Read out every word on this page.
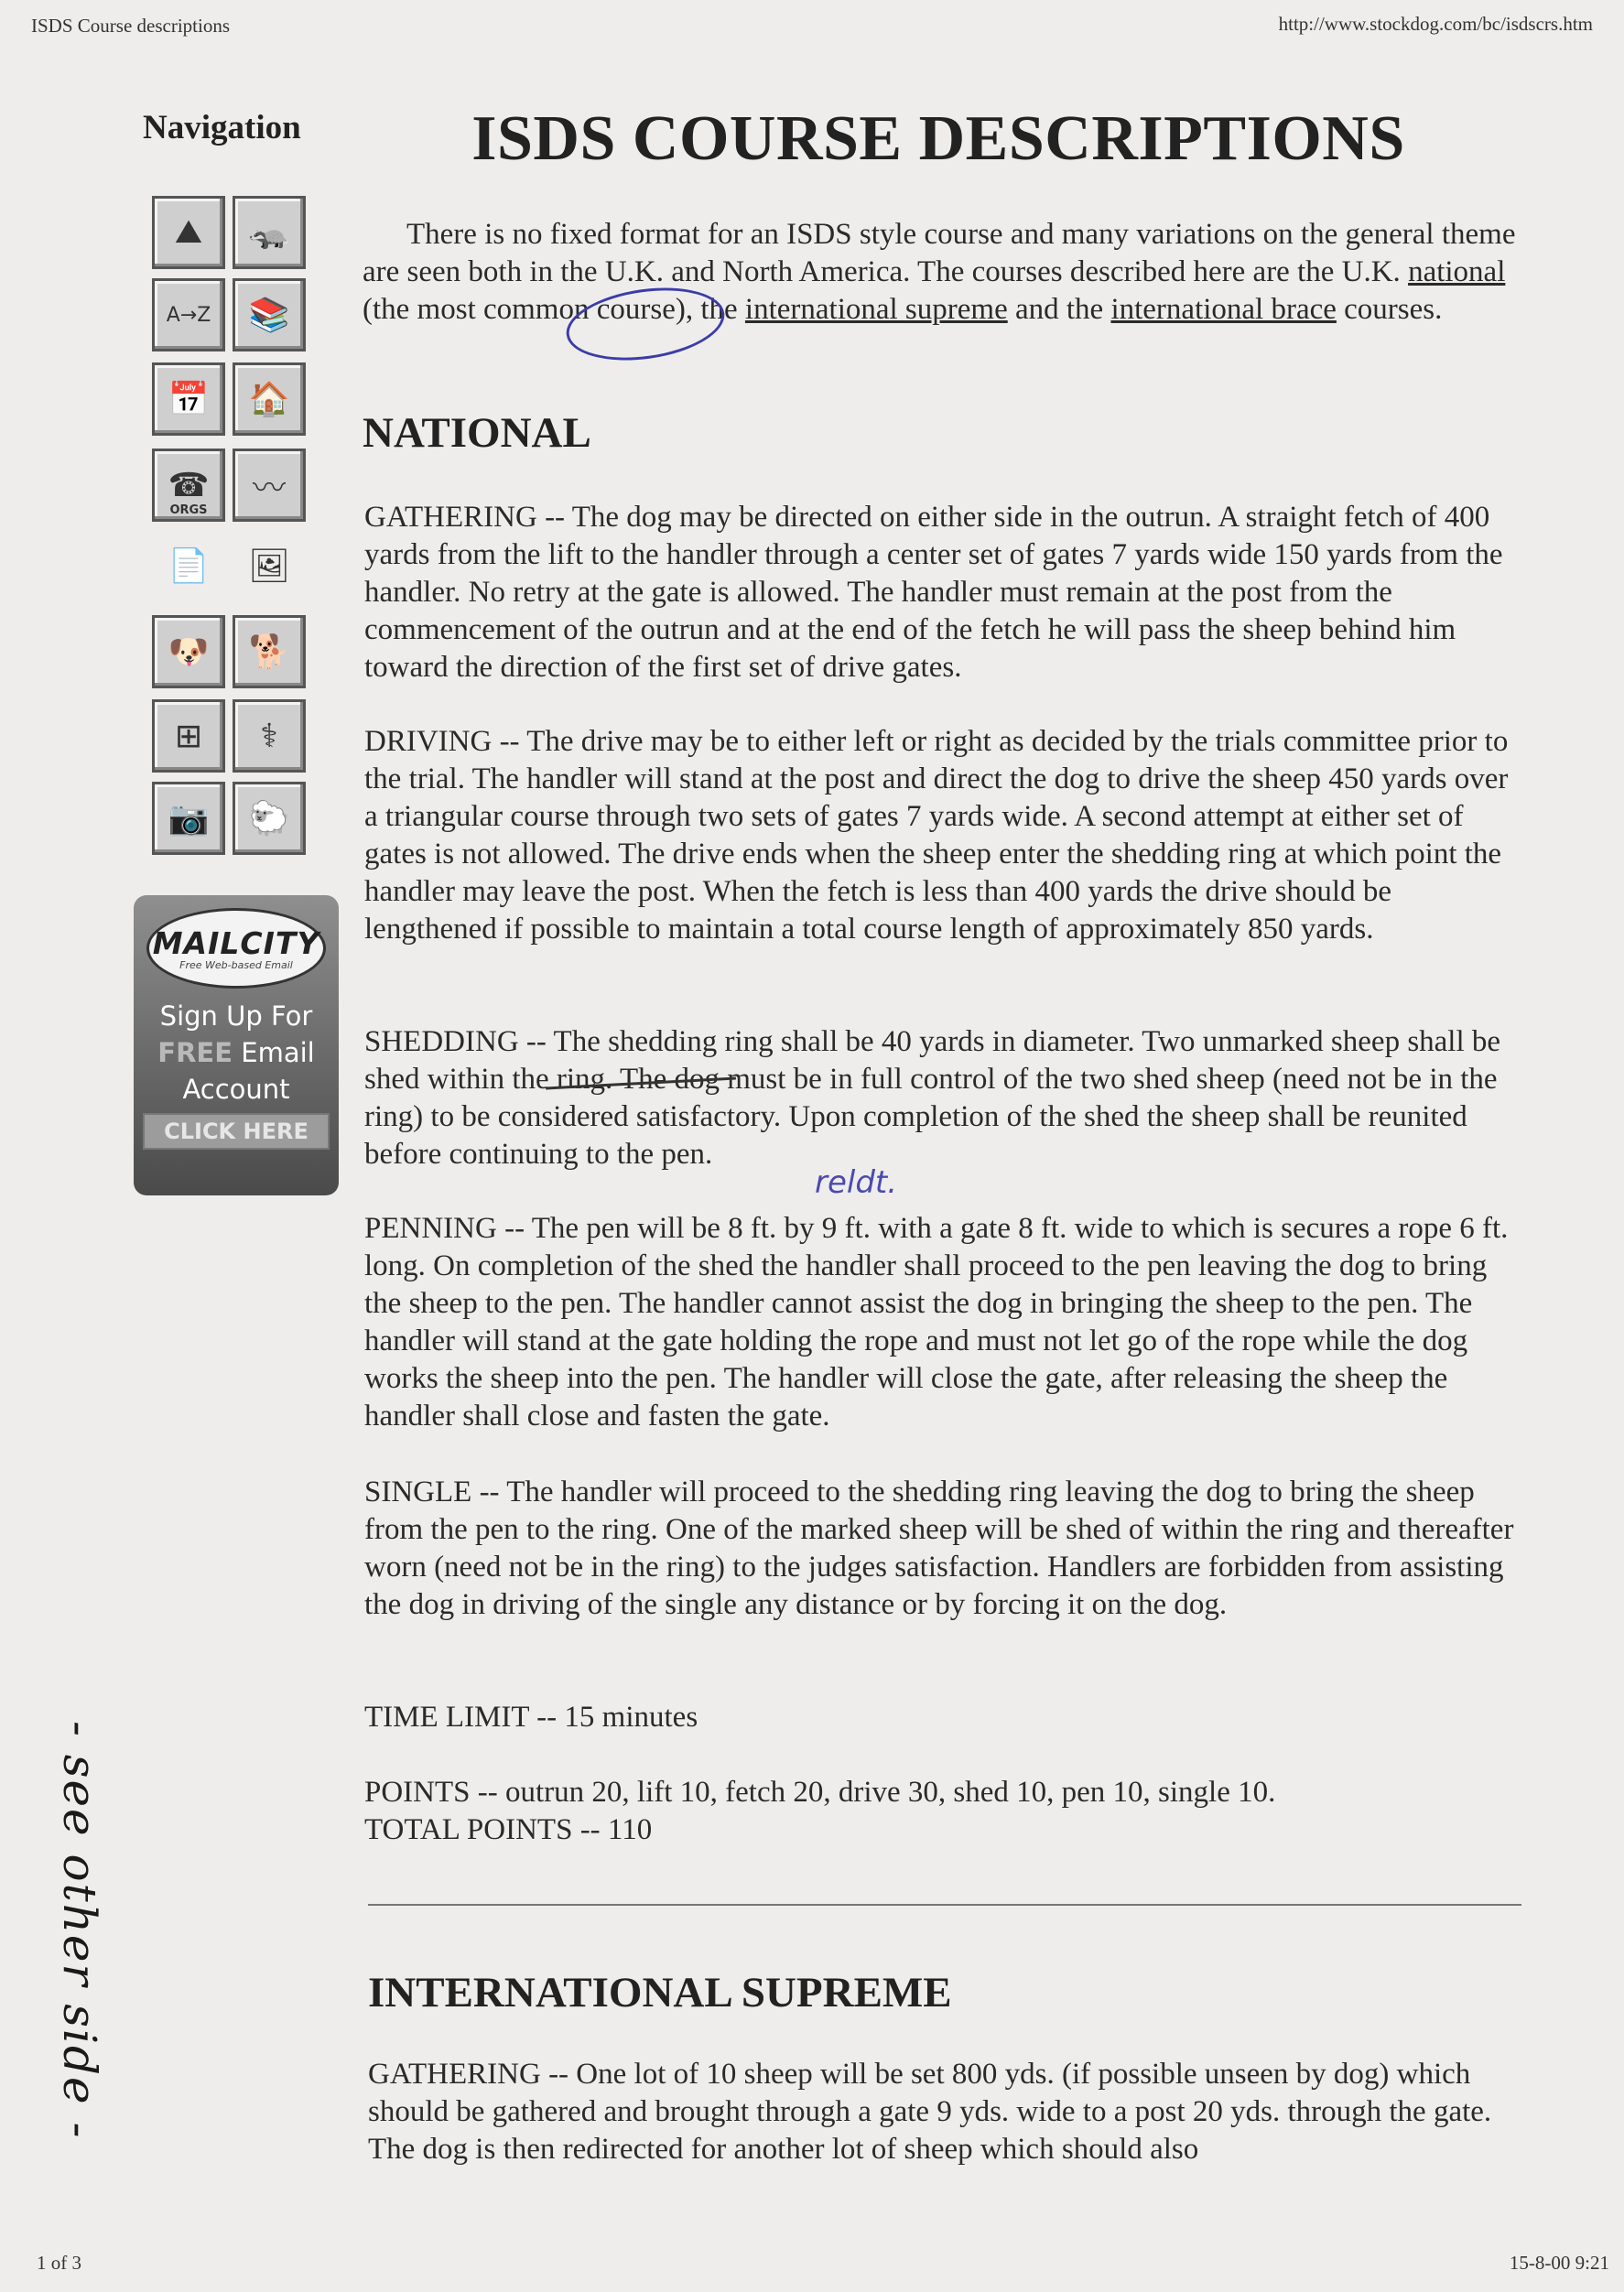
ISDS Course descriptions	http://www.stockdog.com/bc/isdscrs.htm
1 of 3	15-8-00 9:21
Navigation
⛰	🦡
A→Z	📚
📅	🏠
☎
ORGS
〰
📄	🖼
🐶	🐕
⊞	⚕
📷	🐑
MAILCITY
Free Web-based Email
Sign Up For
FREE Email
Account
CLICK HERE
ISDS COURSE DESCRIPTIONS
There is no fixed format for an ISDS style course and many variations on the general theme are seen both in the U.K. and North America. The courses described here are the U.K. national (the most common course), the international supreme and the international brace courses.
NATIONAL
GATHERING -- The dog may be directed on either side in the outrun. A straight fetch of 400 yards from the lift to the handler through a center set of gates 7 yards wide 150 yards from the handler. No retry at the gate is allowed. The handler must remain at the post from the commencement of the outrun and at the end of the fetch he will pass the sheep behind him toward the direction of the first set of drive gates.
DRIVING -- The drive may be to either left or right as decided by the trials committee prior to the trial. The handler will stand at the post and direct the dog to drive the sheep 450 yards over a triangular course through two sets of gates 7 yards wide. A second attempt at either set of gates is not allowed. The drive ends when the sheep enter the shedding ring at which point the handler may leave the post. When the fetch is less than 400 yards the drive should be lengthened if possible to maintain a total course length of approximately 850 yards.
SHEDDING -- The shedding ring shall be 40 yards in diameter. Two unmarked sheep shall be shed within the ring. The dog must be in full control of the two shed sheep (need not be in the ring) to be considered satisfactory. Upon completion of the shed the sheep shall be reunited before continuing to the pen.
PENNING -- The pen will be 8 ft. by 9 ft. with a gate 8 ft. wide to which is secures a rope 6 ft. long. On completion of the shed the handler shall proceed to the pen leaving the dog to bring the sheep to the pen. The handler cannot assist the dog in bringing the sheep to the pen. The handler will stand at the gate holding the rope and must not let go of the rope while the dog works the sheep into the pen. The handler will close the gate, after releasing the sheep the handler shall close and fasten the gate.
SINGLE -- The handler will proceed to the shedding ring leaving the dog to bring the sheep from the pen to the ring. One of the marked sheep will be shed of within the ring and thereafter worn (need not be in the ring) to the judges satisfaction. Handlers are forbidden from assisting the dog in driving of the single any distance or by forcing it on the dog.
TIME LIMIT -- 15 minutes
POINTS -- outrun 20, lift 10, fetch 20, drive 30, shed 10, pen 10, single 10.
TOTAL POINTS -- 110
INTERNATIONAL SUPREME
GATHERING -- One lot of 10 sheep will be set 800 yds. (if possible unseen by dog) which should be gathered and brought through a gate 9 yds. wide to a post 20 yds. through the gate. The dog is then redirected for another lot of sheep which should also
reldt.
- see other side -
